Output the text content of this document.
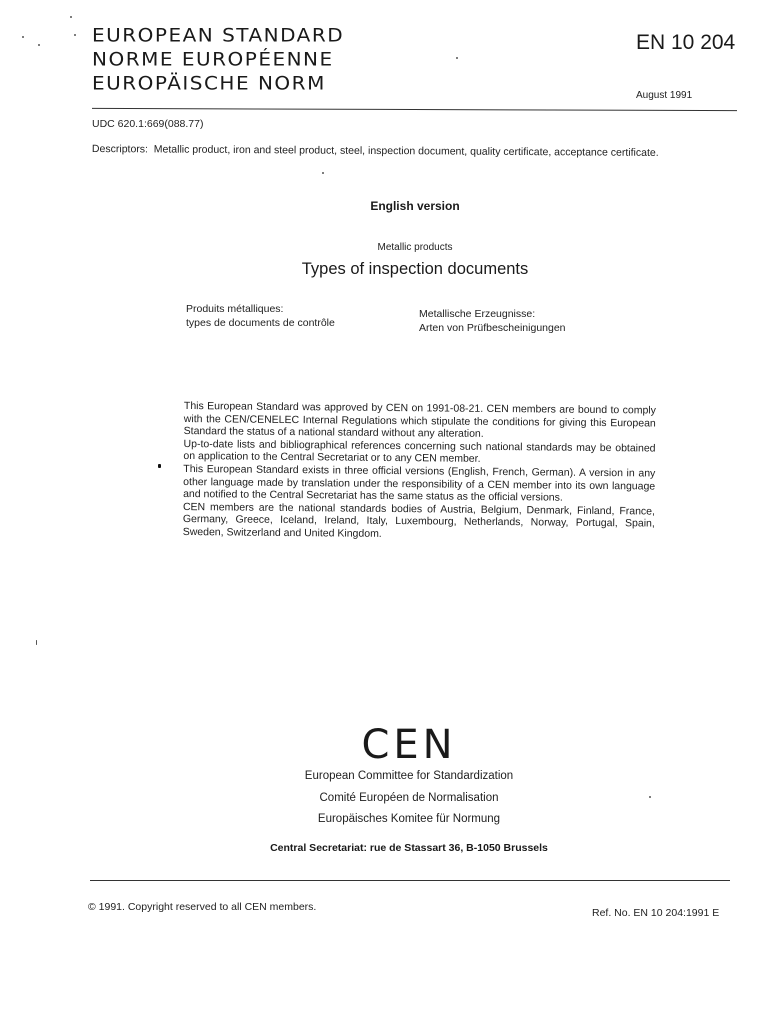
EUROPEAN STANDARD
NORME EUROPÉENNE
EUROPÄISCHE NORM
EN 10 204
August 1991
UDC 620.1:669(088.77)
Descriptors: Metallic product, iron and steel product, steel, inspection document, quality certificate, acceptance certificate.
English version
Metallic products
Types of inspection documents
Produits métalliques:
types de documents de contrôle
Metallische Erzeugnisse:
Arten von Prüfbescheinigungen

This European Standard was approved by CEN on 1991-08-21. CEN members are bound to comply with the CEN/CENELEC Internal Regulations which stipulate the conditions for giving this European Standard the status of a national standard without any alteration.

Up-to-date lists and bibliographical references concerning such national standards may be obtained on application to the Central Secretariat or to any CEN member.

This European Standard exists in three official versions (English, French, German). A version in any other language made by translation under the responsibility of a CEN member into its own language and notified to the Central Secretariat has the same status as the official versions.

CEN members are the national standards bodies of Austria, Belgium, Denmark, Finland, France, Germany, Greece, Iceland, Ireland, Italy, Luxembourg, Netherlands, Norway, Portugal, Spain, Sweden, Switzerland and United Kingdom.

CEN
European Committee for Standardization
Comité Européen de Normalisation
Europäisches Komitee für Normung
Central Secretariat: rue de Stassart 36, B-1050 Brussels
© 1991. Copyright reserved to all CEN members.	Ref. No. EN 10 204:1991 E
